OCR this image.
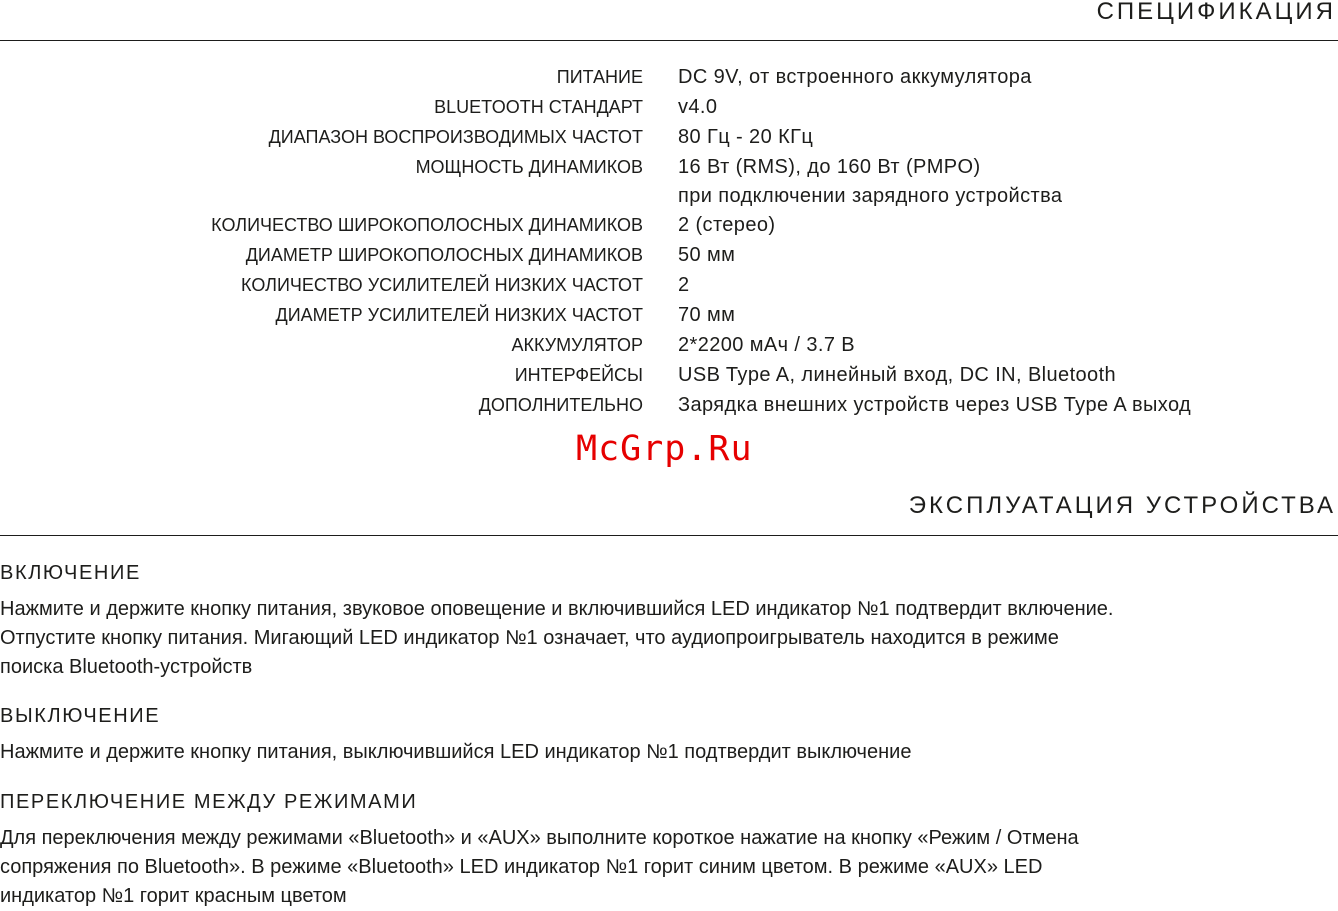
СПЕЦИФИКАЦИЯ
ПИТАНИЕ DC 9V, от встроенного аккумулятора
BLUETOOTH СТАНДАРТ v4.0
ДИАПАЗОН ВОСПРОИЗВОДИМЫХ ЧАСТОТ 80 Гц - 20 КГц
МОЩНОСТЬ ДИНАМИКОВ 16 Вт (RMS), до 160 Вт (PMPO)
при подключении зарядного устройства
КОЛИЧЕСТВО ШИРОКОПОЛОСНЫХ ДИНАМИКОВ 2 (стерео)
ДИАМЕТР ШИРОКОПОЛОСНЫХ ДИНАМИКОВ 50 мм
КОЛИЧЕСТВО УСИЛИТЕЛЕЙ НИЗКИХ ЧАСТОТ 2
ДИАМЕТР УСИЛИТЕЛЕЙ НИЗКИХ ЧАСТОТ 70 мм
АККУМУЛЯТОР 2*2200 мАч / 3.7 В
ИНТЕРФЕЙСЫ USB Type A, линейный вход, DC IN, Bluetooth
ДОПОЛНИТЕЛЬНО Зарядка внешних устройств через USB Type A выход
McGrp.Ru
ЭКСПЛУАТАЦИЯ УСТРОЙСТВА
ВКЛЮЧЕНИЕ
Нажмите и держите кнопку питания, звуковое оповещение и включившийся LED индикатор №1 подтвердит включение.
Отпустите кнопку питания. Мигающий LED индикатор №1 означает, что аудиопроигрыватель находится в режиме
поиска Bluetooth-устройств
ВЫКЛЮЧЕНИЕ
Нажмите и держите кнопку питания, выключившийся LED индикатор №1 подтвердит выключение
ПЕРЕКЛЮЧЕНИЕ МЕЖДУ РЕЖИМАМИ
Для переключения между режимами «Bluetooth» и «AUX» выполните короткое нажатие на кнопку «Режим / Отмена
сопряжения по Bluetooth». В режиме «Bluetooth» LED индикатор №1 горит синим цветом. В режиме «AUX» LED
индикатор №1 горит красным цветом
